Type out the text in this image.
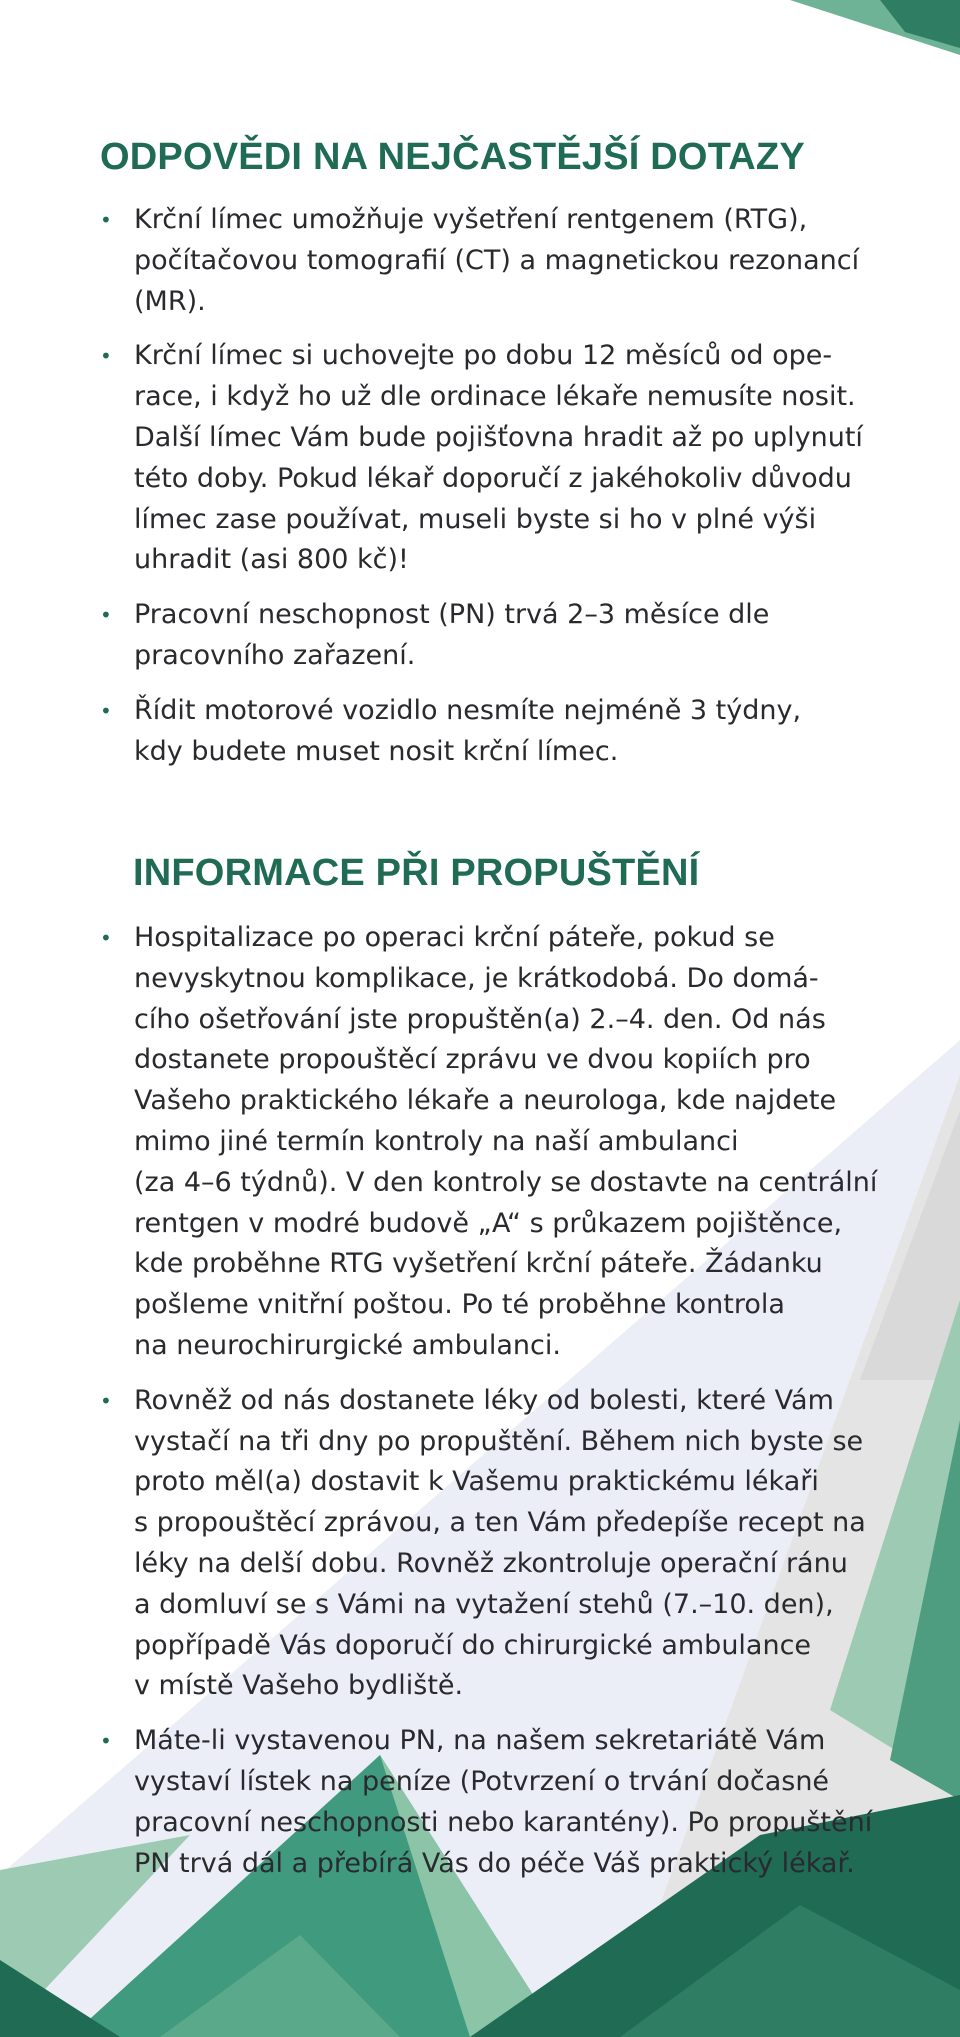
ODPOVĚDI NA NEJČASTĚJŠÍ DOTAZY
• Krční límec umožňuje vyšetření rentgenem (RTG),
počítačovou tomografií (CT) a magnetickou rezonancí
(MR).
• Krční límec si uchovejte po dobu 12 měsíců od ope-
race, i když ho už dle ordinace lékaře nemusíte nosit.
Další límec Vám bude pojišťovna hradit až po uplynutí
této doby. Pokud lékař doporučí z jakéhokoliv důvodu
límec zase používat, museli byste si ho v plné výši
uhradit (asi 800 kč)!
• Pracovní neschopnost (PN) trvá 2–3 měsíce dle
pracovního zařazení.
• Řídit motorové vozidlo nesmíte nejméně 3 týdny,
kdy budete muset nosit krční límec.
INFORMACE PŘI PROPUŠTĚNÍ
• Hospitalizace po operaci krční páteře, pokud se
nevyskytnou komplikace, je krátkodobá. Do domá-
cího ošetřování jste propuštěn(a) 2.–4. den. Od nás
dostanete propouštěcí zprávu ve dvou kopiích pro
Vašeho praktického lékaře a neurologa, kde najdete
mimo jiné termín kontroly na naší ambulanci
(za 4–6 týdnů). V den kontroly se dostavte na centrální
rentgen v modré budově „A“ s průkazem pojištěnce,
kde proběhne RTG vyšetření krční páteře. Žádanku
pošleme vnitřní poštou. Po té proběhne kontrola
na neurochirurgické ambulanci.
• Rovněž od nás dostanete léky od bolesti, které Vám
vystačí na tři dny po propuštění. Během nich byste se
proto měl(a) dostavit k Vašemu praktickému lékaři
s propouštěcí zprávou, a ten Vám předepíše recept na
léky na delší dobu. Rovněž zkontroluje operační ránu
a domluví se s Vámi na vytažení stehů (7.–10. den),
popřípadě Vás doporučí do chirurgické ambulance
v místě Vašeho bydliště.
• Máte-li vystavenou PN, na našem sekretariátě Vám
vystaví lístek na peníze (Potvrzení o trvání dočasné
pracovní neschopnosti nebo karantény). Po propuštění
PN trvá dál a přebírá Vás do péče Váš praktický lékař.
